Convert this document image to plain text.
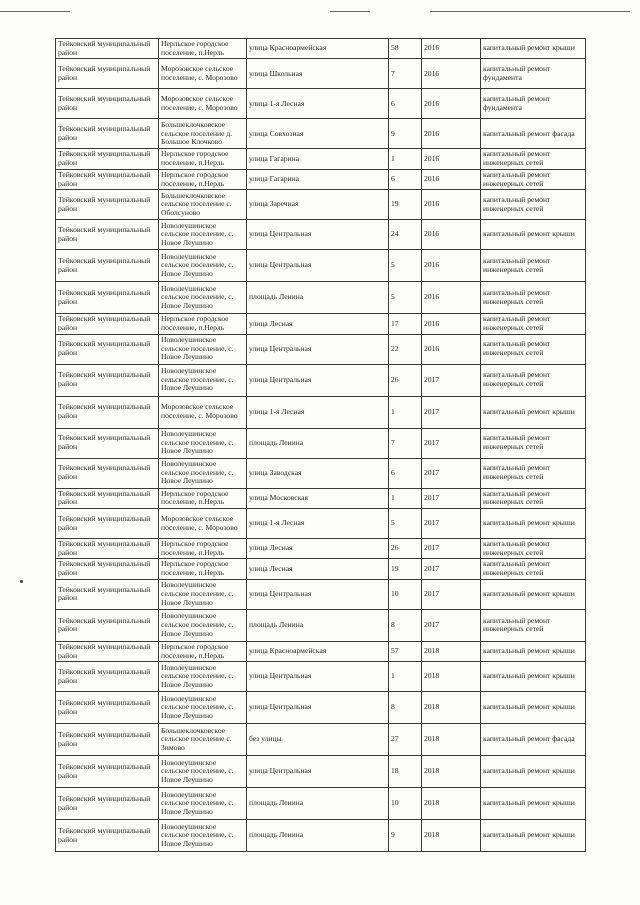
Тейковский муниципальный район	Нерльское городское поселение, п.Нерль	улица Красноармейская	58	2016	капитальный ремонт крыши
Тейковский муниципальный район	Морозовское сельское поселение, с. Морозово	улица Школьная	7	2016	капитальный ремонт фундамента
Тейковский муниципальный район	Морозовское сельское поселение, с. Морозово	улица 1-я Лесная	6	2016	капитальный ремонт фундамента
Тейковский муниципальный район	Большеклочковское сельское поселение д. Большое Клочково	улица Совхозная	9	2016	капитальный ремонт фасада
Тейковский муниципальный район	Нерльское городское поселение, п.Нерль	улица Гагарина	1	2016	капитальный ремонт инженерных сетей
Тейковский муниципальный район	Нерльское городское поселение, п.Нерль	улица Гагарина	6	2016	капитальный ремонт инженерных сетей
Тейковский муниципальный район	Большеклочковское сельское поселение с. Оболсуново	улица Заречная	19	2016	капитальный ремонт инженерных сетей
Тейковский муниципальный район	Новолеушинское сельское поселение, с. Новое Леушино	улица Центральная	24	2016	капитальный ремонт крыши
Тейковский муниципальный район	Новолеушинское сельское поселение, с. Новое Леушино	улица Центральная	5	2016	капитальный ремонт инженерных сетей
Тейковский муниципальный район	Новолеушинское сельское поселение, с. Новое Леушино	площадь Ленина	5	2016	капитальный ремонт инженерных сетей
Тейковский муниципальный район	Нерльское городское поселение, п.Нерль	улица Лесная	17	2016	капитальный ремонт инженерных сетей
Тейковский муниципальный район	Новолеушинское сельское поселение, с. Новое Леушино	улица Центральная	22	2016	капитальный ремонт инженерных сетей
Тейковский муниципальный район	Новолеушинское сельское поселение, с. Новое Леушино	улица Центральная	26	2017	капитальный ремонт инженерных сетей
Тейковский муниципальный район	Морозовское сельское поселение, с. Морозово	улица 1-я Лесная	1	2017	капитальный ремонт крыши
Тейковский муниципальный район	Новолеушинское сельское поселение, с. Новое Леушино	площадь Ленина	7	2017	капитальный ремонт инженерных сетей
Тейковский муниципальный район	Новолеушинское сельское поселение, с. Новое Леушино	улица Заводская	6	2017	капитальный ремонт инженерных сетей
Тейковский муниципальный район	Нерльское городское поселение, п.Нерль	улица Московская	1	2017	капитальный ремонт инженерных сетей
Тейковский муниципальный район	Морозовское сельское поселение, с. Морозово	улица 1-я Лесная	5	2017	капитальный ремонт крыши
Тейковский муниципальный район	Нерльское городское поселение, п.Нерль	улица Лесная	26	2017	капитальный ремонт инженерных сетей
Тейковский муниципальный район	Нерльское городское поселение, п.Нерль	улица Лесная	19	2017	капитальный ремонт инженерных сетей
Тейковский муниципальный район	Новолеушинское сельское поселение, с. Новое Леушино	улица Центральная	10	2017	капитальный ремонт крыши
Тейковский муниципальный район	Новолеушинское сельское поселение, с. Новое Леушино	площадь Ленина	8	2017	капитальный ремонт инженерных сетей
Тейковский муниципальный район	Нерльское городское поселение, п.Нерль	улица Красноармейская	57	2018	капитальный ремонт крыши
Тейковский муниципальный район	Новолеушинское сельское поселение, с. Новое Леушино	улица Центральная	1	2018	капитальный ремонт крыши
Тейковский муниципальный район	Новолеушинское сельское поселение, с. Новое Леушино	улица Центральная	8	2018	капитальный ремонт крыши
Тейковский муниципальный район	Большеклочковское сельское поселение с. Зимово	без улицы	27	2018	капитальный ремонт фасада
Тейковский муниципальный район	Новолеушинское сельское поселение, с. Новое Леушино	улица Центральная	18	2018	капитальный ремонт крыши
Тейковский муниципальный район	Новолеушинское сельское поселение, с. Новое Леушино	площадь Ленина	10	2018	капитальный ремонт крыши
Тейковский муниципальный район	Новолеушинское сельское поселение, с. Новое Леушино	площадь Ленина	9	2018	капитальный ремонт крыши
